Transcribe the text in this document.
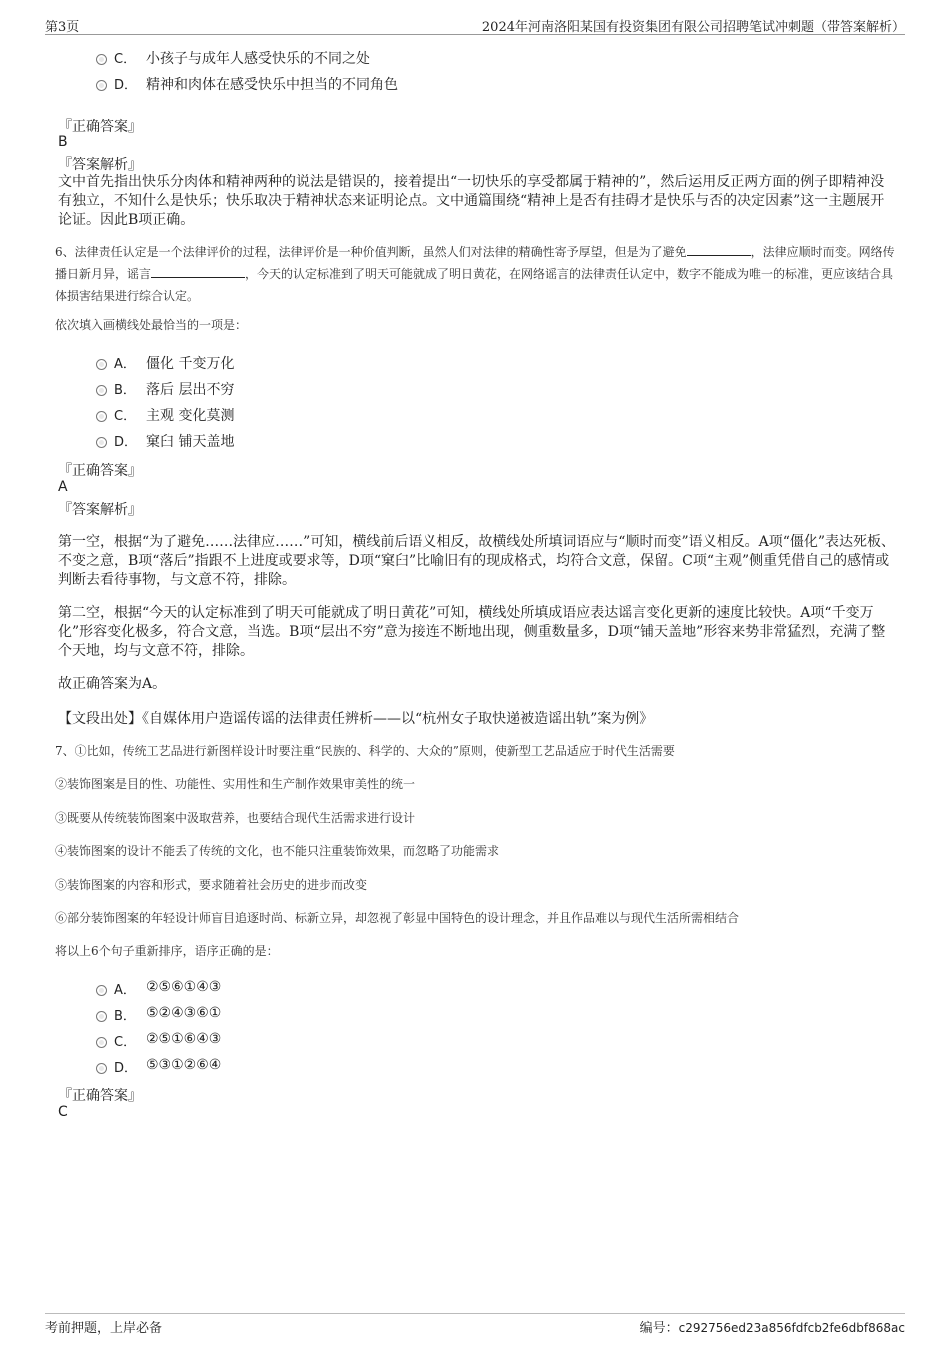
第3页	2024年河南洛阳某国有投资集团有限公司招聘笔试冲刺题（带答案解析）
C． 小孩子与成年人感受快乐的不同之处
D． 精神和肉体在感受快乐中担当的不同角色
『正确答案』
B
『答案解析』
文中首先指出快乐分肉体和精神两种的说法是错误的，接着提出“一切快乐的享受都属于精神的”，然后运用反正两方面的例子即精神没有独立，不知什么是快乐；快乐取决于精神状态来证明论点。文中通篇围绕“精神上是否有挂碍才是快乐与否的决定因素”这一主题展开论证。因此B项正确。
6、法律责任认定是一个法律评价的过程，法律评价是一种价值判断，虽然人们对法律的精确性寄予厚望，但是为了避免	，法律应顺时而变。网络传播日新月异，谣言	，今天的认定标准到了明天可能就成了明日黄花，在网络谣言的法律责任认定中，数字不能成为唯一的标准，更应该结合具体损害结果进行综合认定。
依次填入画横线处最恰当的一项是：
A． 僵化 千变万化
B． 落后 层出不穷
C． 主观 变化莫测
D． 窠臼 铺天盖地
『正确答案』
A
『答案解析』
第一空，根据“为了避免……法律应……”可知，横线前后语义相反，故横线处所填词语应与“顺时而变”语义相反。A项“僵化”表达死板、不变之意，B项“落后”指跟不上进度或要求等，D项“窠臼”比喻旧有的现成格式，均符合文意，保留。C项“主观”侧重凭借自己的感情或判断去看待事物，与文意不符，排除。
第二空，根据“今天的认定标准到了明天可能就成了明日黄花”可知，横线处所填成语应表达谣言变化更新的速度比较快。A项“千变万化”形容变化极多，符合文意，当选。B项“层出不穷”意为接连不断地出现，侧重数量多，D项“铺天盖地”形容来势非常猛烈，充满了整个天地，均与文意不符，排除。
故正确答案为A。
【文段出处】《自媒体用户造谣传谣的法律责任辨析——以“杭州女子取快递被造谣出轨”案为例》
7、①比如，传统工艺品进行新图样设计时要注重“民族的、科学的、大众的”原则，使新型工艺品适应于时代生活需要
②装饰图案是目的性、功能性、实用性和生产制作效果审美性的统一
③既要从传统装饰图案中汲取营养，也要结合现代生活需求进行设计
④装饰图案的设计不能丢了传统的文化，也不能只注重装饰效果，而忽略了功能需求
⑤装饰图案的内容和形式，要求随着社会历史的进步而改变
⑥部分装饰图案的年轻设计师盲目追逐时尚、标新立异，却忽视了彰显中国特色的设计理念，并且作品难以与现代生活所需相结合
将以上6个句子重新排序，语序正确的是：
A． ②⑤⑥①④③
B． ⑤②④③⑥①
C． ②⑤①⑥④③
D． ⑤③①②⑥④
『正确答案』
C
考前押题，上岸必备	编号：c292756ed23a856fdfcb2fe6dbf868ac
